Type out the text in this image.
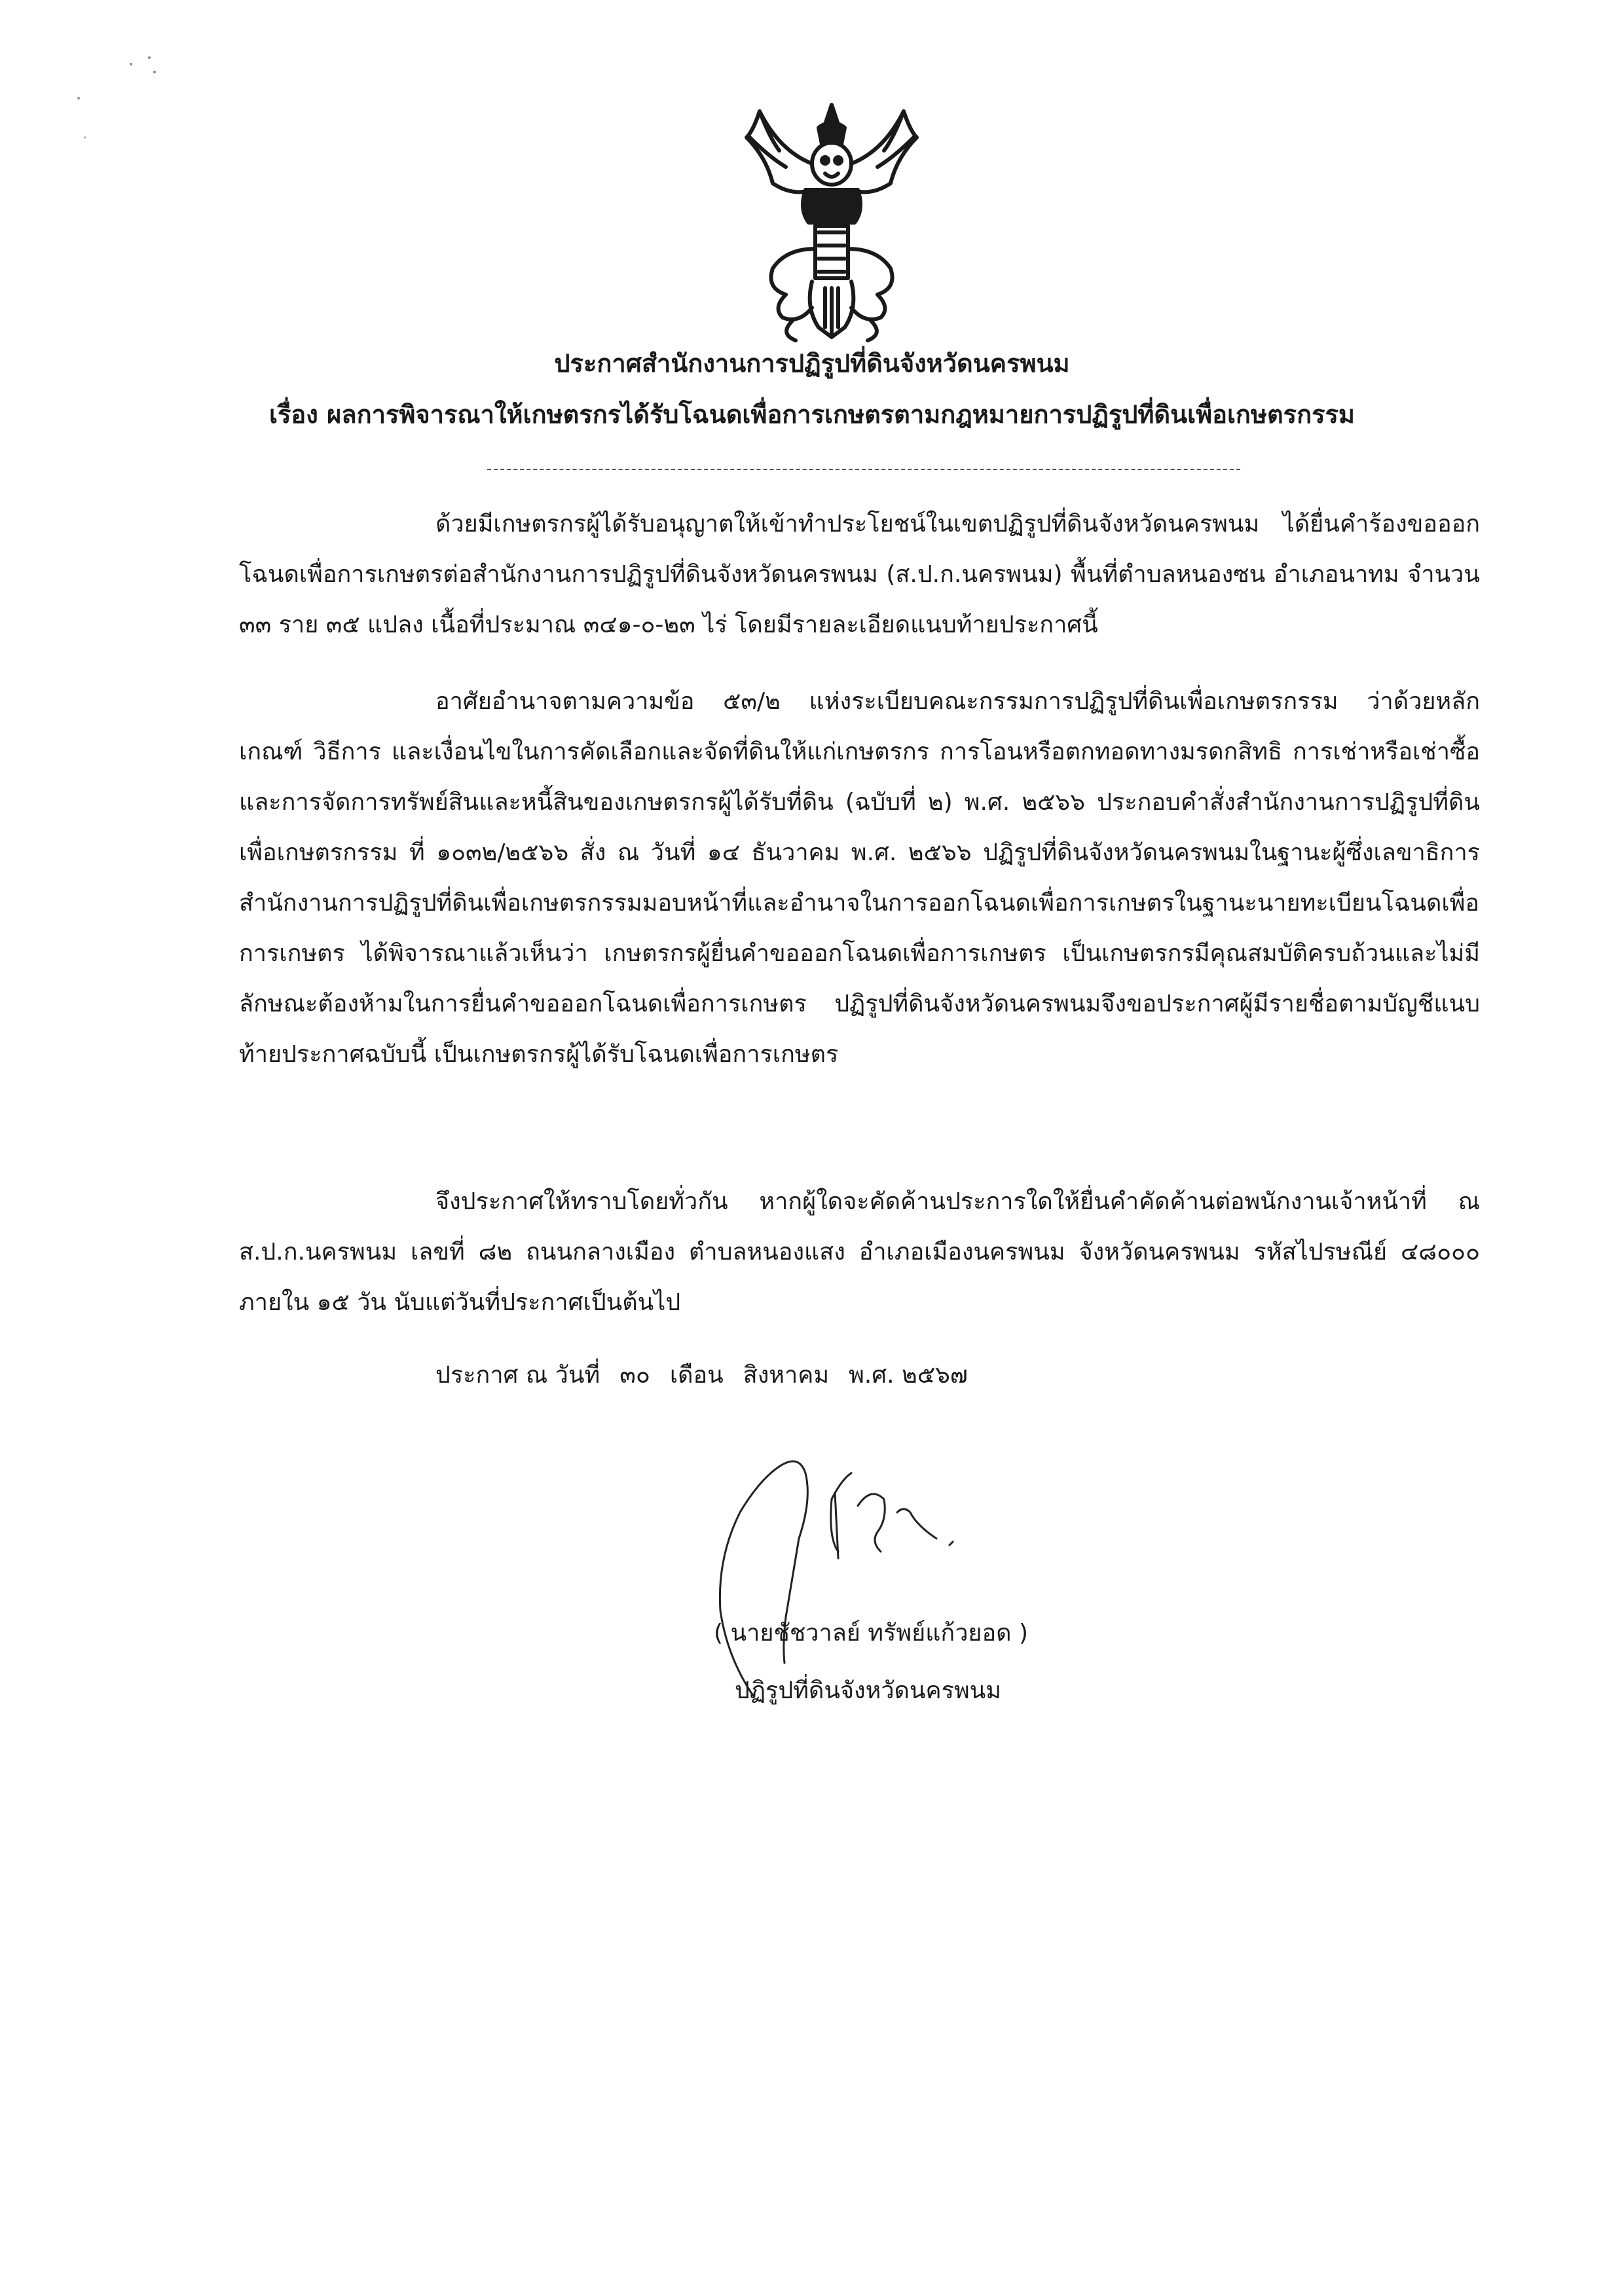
ประกาศสำนักงานการปฏิรูปที่ดินจังหวัดนครพนม
เรื่อง ผลการพิจารณาให้เกษตรกรได้รับโฉนดเพื่อการเกษตรตามกฎหมายการปฏิรูปที่ดินเพื่อเกษตรกรรม

ด้วยมีเกษตรกรผู้ได้รับอนุญาตให้เข้าทำประโยชน์ในเขตปฏิรูปที่ดินจังหวัดนครพนม ได้ยื่นคำร้องขอออกโฉนดเพื่อการเกษตรต่อสำนักงานการปฏิรูปที่ดินจังหวัดนครพนม (ส.ป.ก.นครพนม) พื้นที่ตำบลหนองซน อำเภอนาทม จำนวน ๓๓ ราย ๓๕ แปลง เนื้อที่ประมาณ ๓๔๑-๐-๒๓ ไร่ โดยมีรายละเอียดแนบท้ายประกาศนี้

อาศัยอำนาจตามความข้อ ๕๓/๒ แห่งระเบียบคณะกรรมการปฏิรูปที่ดินเพื่อเกษตรกรรม ว่าด้วยหลักเกณฑ์ วิธีการ และเงื่อนไขในการคัดเลือกและจัดที่ดินให้แก่เกษตรกร การโอนหรือตกทอดทางมรดกสิทธิ การเช่าหรือเช่าซื้อ และการจัดการทรัพย์สินและหนี้สินของเกษตรกรผู้ได้รับที่ดิน (ฉบับที่ ๒) พ.ศ. ๒๕๖๖ ประกอบคำสั่งสำนักงานการปฏิรูปที่ดินเพื่อเกษตรกรรม ที่ ๑๐๓๒/๒๕๖๖ สั่ง ณ วันที่ ๑๔ ธันวาคม พ.ศ. ๒๕๖๖ ปฏิรูปที่ดินจังหวัดนครพนมในฐานะผู้ซึ่งเลขาธิการสำนักงานการปฏิรูปที่ดินเพื่อเกษตรกรรมมอบหน้าที่และอำนาจในการออกโฉนดเพื่อการเกษตรในฐานะนายทะเบียนโฉนดเพื่อการเกษตร ได้พิจารณาแล้วเห็นว่า เกษตรกรผู้ยื่นคำขอออกโฉนดเพื่อการเกษตร เป็นเกษตรกรมีคุณสมบัติครบถ้วนและไม่มีลักษณะต้องห้ามในการยื่นคำขอออกโฉนดเพื่อการเกษตร ปฏิรูปที่ดินจังหวัดนครพนมจึงขอประกาศผู้มีรายชื่อตามบัญชีแนบท้ายประกาศฉบับนี้ เป็นเกษตรกรผู้ได้รับโฉนดเพื่อการเกษตร

จึงประกาศให้ทราบโดยทั่วกัน หากผู้ใดจะคัดค้านประการใดให้ยื่นคำคัดค้านต่อพนักงานเจ้าหน้าที่ ณ ส.ป.ก.นครพนม เลขที่ ๘๒ ถนนกลางเมือง ตำบลหนองแสง อำเภอเมืองนครพนม จังหวัดนครพนม รหัสไปรษณีย์ ๔๘๐๐๐ ภายใน ๑๕ วัน นับแต่วันที่ประกาศเป็นต้นไป

ประกาศ ณ วันที่ ๓๐ เดือน สิงหาคม พ.ศ. ๒๕๖๗
( นายชัชวาลย์ ทรัพย์แก้วยอด )
ปฏิรูปที่ดินจังหวัดนครพนม
